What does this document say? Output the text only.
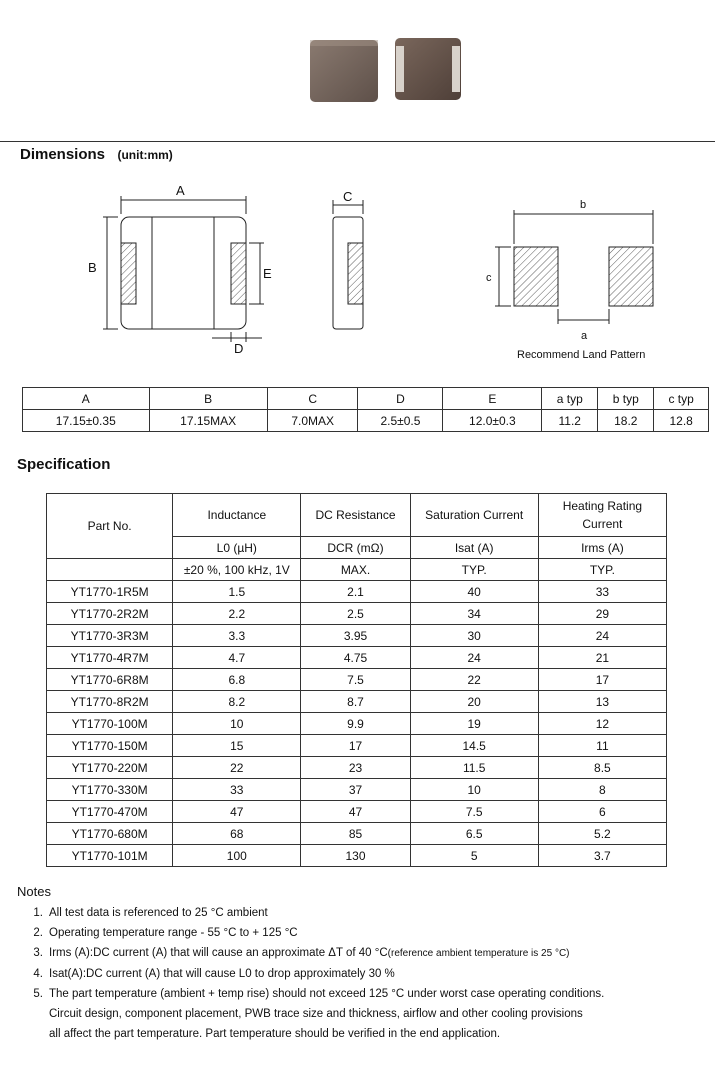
Dimensions (unit:mm)
A
B	E
D
C
b
c
a
Recommend Land Pattern
A	B	C	D	E	a typ	b typ	c typ
17.15±0.35	17.15MAX	7.0MAX	2.5±0.5	12.0±0.3	11.2	18.2	12.8
Specification
Part No.	Inductance	DC Resistance	Saturation Current	Heating Rating Current
	L0 (µH)	DCR (mΩ)	Isat (A)	Irms (A)
	±20 %, 100 kHz, 1V	MAX.	TYP.	TYP.
YT1770-1R5M	1.5	2.1	40	33
YT1770-2R2M	2.2	2.5	34	29
YT1770-3R3M	3.3	3.95	30	24
YT1770-4R7M	4.7	4.75	24	21
YT1770-6R8M	6.8	7.5	22	17
YT1770-8R2M	8.2	8.7	20	13
YT1770-100M	10	9.9	19	12
YT1770-150M	15	17	14.5	11
YT1770-220M	22	23	11.5	8.5
YT1770-330M	33	37	10	8
YT1770-470M	47	47	7.5	6
YT1770-680M	68	85	6.5	5.2
YT1770-101M	100	130	5	3.7
Notes
1. All test data is referenced to 25 °C ambient
2. Operating temperature range - 55 °C to + 125 °C
3. Irms (A):DC current (A) that will cause an approximate ΔT of 40 °C(reference ambient temperature is 25 °C)
4. Isat(A):DC current (A) that will cause L0 to drop approximately 30 %
5. The part temperature (ambient + temp rise) should not exceed 125 °C under worst case operating conditions.
Circuit design, component placement, PWB trace size and thickness, airflow and other cooling provisions
all affect the part temperature. Part temperature should be verified in the end application.
